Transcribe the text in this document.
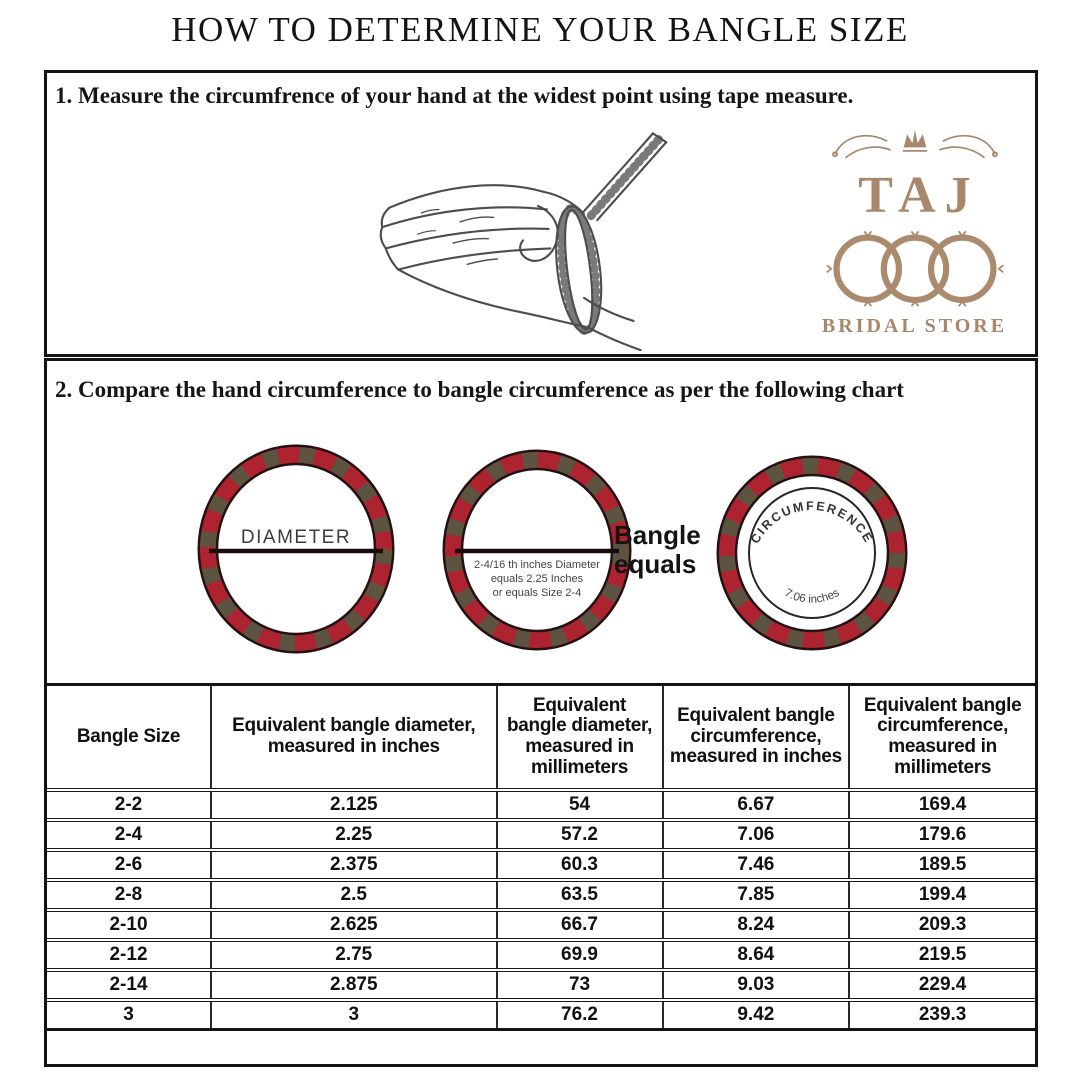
HOW TO DETERMINE YOUR BANGLE SIZE
1. Measure the circumfrence of your hand at the widest point using tape measure.
TAJ
BRIDAL STORE
2. Compare the hand circumference to bangle circumference as per the following chart
DIAMETER
2-4/16 th inches Diameter
equals 2.25 Inches
or equals Size 2-4
Bangle
equals
CIRCUMFERENCE
7.06 inches
Bangle Size	Equivalent bangle diameter, measured in inches	Equivalent bangle diameter, measured in millimeters	Equivalent bangle circumference, measured in inches	Equivalent bangle circumference, measured in millimeters
2-2	2.125	54	6.67	169.4
2-4	2.25	57.2	7.06	179.6
2-6	2.375	60.3	7.46	189.5
2-8	2.5	63.5	7.85	199.4
2-10	2.625	66.7	8.24	209.3
2-12	2.75	69.9	8.64	219.5
2-14	2.875	73	9.03	229.4
3	3	76.2	9.42	239.3
